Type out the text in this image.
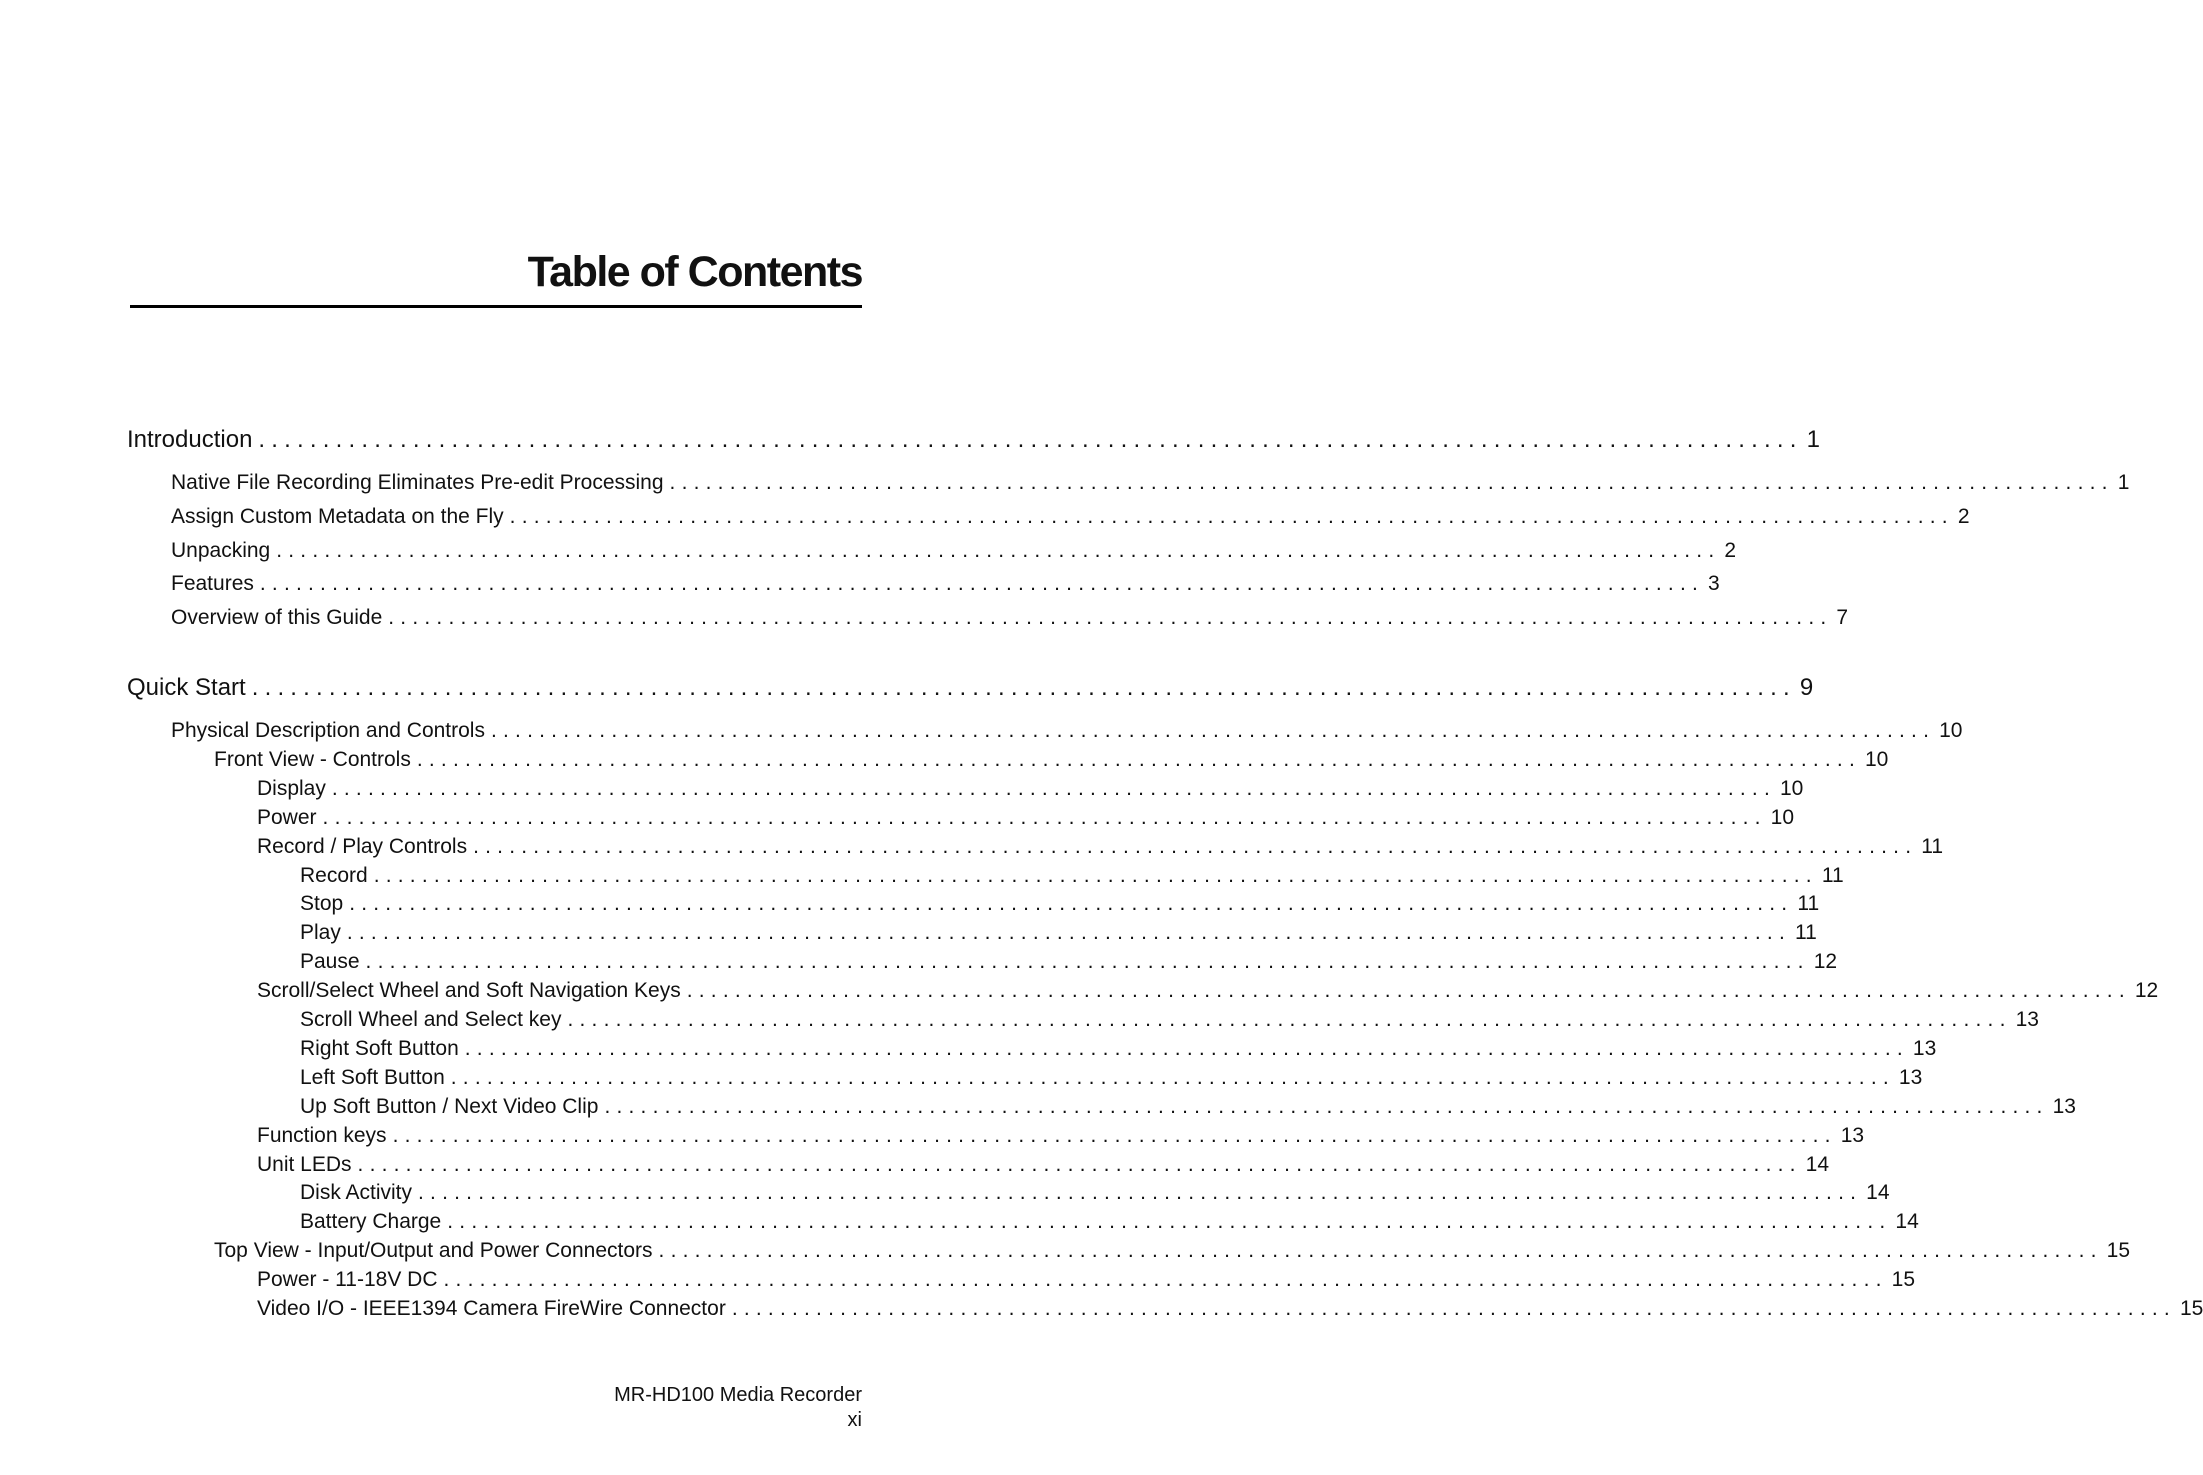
Table of Contents
Introduction ........................................................................................................................ 1
Native File Recording Eliminates Pre-edit Processing ........................................................................................................................ 1
Assign Custom Metadata on the Fly ........................................................................................................................ 2
Unpacking ........................................................................................................................ 2
Features ........................................................................................................................ 3
Overview of this Guide ........................................................................................................................ 7
Quick Start ........................................................................................................................ 9
Physical Description and Controls ........................................................................................................................ 10
Front View - Controls ........................................................................................................................ 10
Display ........................................................................................................................ 10
Power ........................................................................................................................ 10
Record / Play Controls ........................................................................................................................ 11
Record ........................................................................................................................ 11
Stop ........................................................................................................................ 11
Play ........................................................................................................................ 11
Pause ........................................................................................................................ 12
Scroll/Select Wheel and Soft Navigation Keys ........................................................................................................................ 12
Scroll Wheel and Select key ........................................................................................................................ 13
Right Soft Button ........................................................................................................................ 13
Left Soft Button ........................................................................................................................ 13
Up Soft Button / Next Video Clip ........................................................................................................................ 13
Function keys ........................................................................................................................ 13
Unit LEDs ........................................................................................................................ 14
Disk Activity ........................................................................................................................ 14
Battery Charge ........................................................................................................................ 14
Top View - Input/Output and Power Connectors ........................................................................................................................ 15
Power - 11-18V DC ........................................................................................................................ 15
Video I/O - IEEE1394 Camera FireWire Connector ........................................................................................................................ 15
MR-HD100 Media Recorder
xi
